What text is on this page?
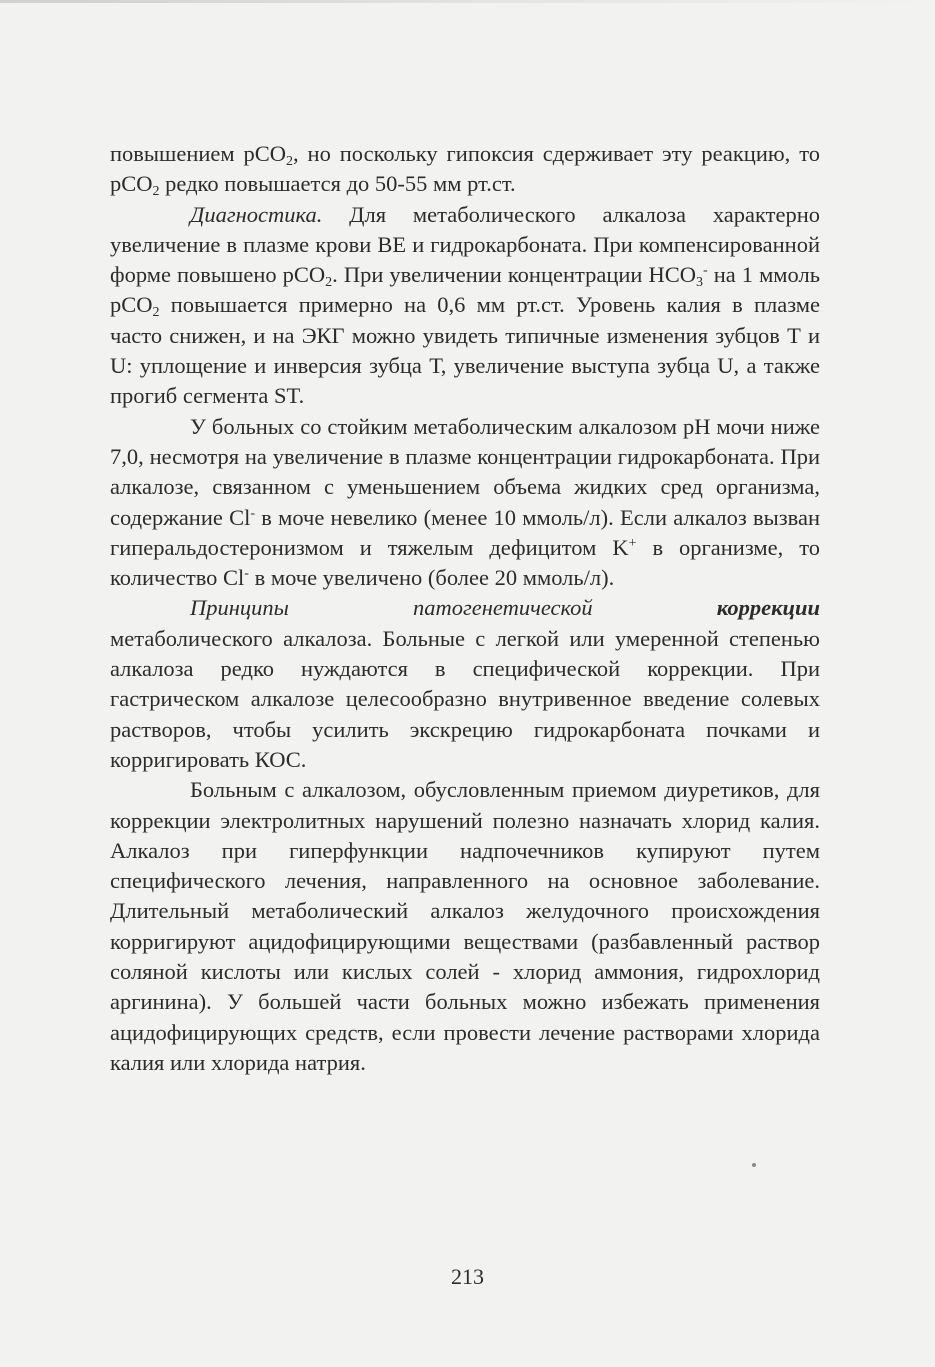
повышением рСО$_2$, но поскольку гипоксия сдерживает эту реакцию, то рСО$_2$ редко повышается до 50-55 мм рт.ст.

Диагностика. Для метаболического алкалоза характерно увеличение в плазме крови ВЕ и гидрокарбоната. При компенсированной форме повышено рСО$_2$. При увеличении концентрации $НСО_3^-$ на 1 ммоль рСО$_2$ повышается примерно на 0,6 мм рт.ст. Уровень калия в плазме часто снижен, и на ЭКГ можно увидеть типичные изменения зубцов Т и U: уплощение и инверсия зубца Т, увеличение выступа зубца U, а также прогиб сегмента ST.

У больных со стойким метаболическим алкалозом pH мочи ниже 7,0, несмотря на увеличение в плазме концентрации гидрокарбоната. При алкалозе, связанном с уменьшением объема жидких сред организма, содержание Cl- в моче невелико (менее 10 ммоль/л). Если алкалоз вызван гиперальдостеронизмом и тяжелым дефицитом K+ в организме, то количество Cl- в моче увеличено (более 20 ммоль/л).

Принципы патогенетической	коррекции

метаболического алкалоза. Больные с легкой или умеренной степенью алкалоза редко нуждаются в специфической коррекции. При гастрическом алкалозе целесообразно внутривенное введение солевых растворов, чтобы усилить экскрецию гидрокарбоната почками и корригировать КОС.

Больным с алкалозом, обусловленным приемом диуретиков, для коррекции электролитных нарушений полезно назначать хлорид калия. Алкалоз при гиперфункции надпочечников купируют путем специфического лечения, направленного на основное заболевание. Длительный метаболический алкалоз желудочного происхождения корригируют ацидофицирующими веществами (разбавленный раствор соляной кислоты или кислых солей - хлорид аммония, гидрохлорид аргинина). У большей части больных можно избежать применения ацидофицирующих средств, если провести лечение растворами хлорида калия или хлорида натрия.

213
